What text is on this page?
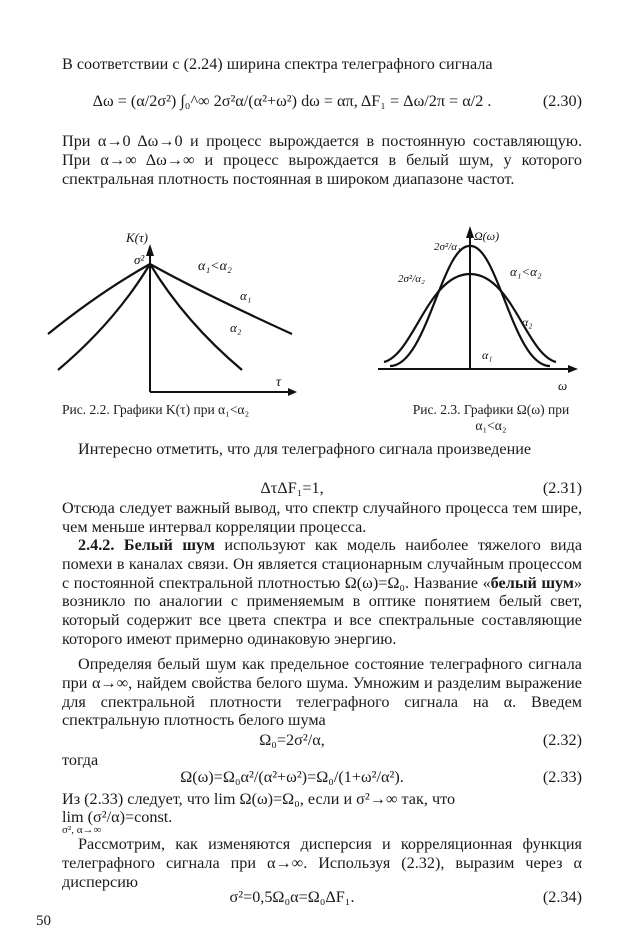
В соответствии с (2.24) ширина спектра телеграфного сигнала

Δω = (α/2σ²) ∫₀^∞ 2σ²α/(α²+ω²) dω = απ, ΔF₁ = Δω/2π = α/2 .	(2.30)

При α→0 Δω→0 и процесс вырождается в постоянную составляющую. При α→∞ Δω→∞ и процесс вырождается в белый шум, у которого спектральная плотность постоянная в широком диапазоне частот.

K(τ)
σ²	α₁<α₂
α₁
α₂
τ
Рис. 2.2. Графики K(τ) при α₁<α₂
Ω(ω)
2σ²/α₁
2σ²/α₂	α₁<α₂
α₁
α₂
ω
Рис. 2.3. Графики Ω(ω) при
α₁<α₂

Интересно отметить, что для телеграфного сигнала произведение

ΔτΔF₁=1,	(2.31)

Отсюда следует важный вывод, что спектр случайного процесса тем шире, чем меньше интервал корреляции процесса.

2.4.2. Белый шум используют как модель наиболее тяжелого вида помехи в каналах связи. Он является стационарным случайным процессом с постоянной спектральной плотностью Ω(ω)=Ω₀. Название «белый шум» возникло по аналогии с применяемым в оптике понятием белый свет, который содержит все цвета спектра и все спектральные составляющие которого имеют примерно одинаковую энергию.

Определяя белый шум как предельное состояние телеграфного сигнала при α→∞, найдем свойства белого шума. Умножим и разделим выражение для спектральной плотности телеграфного сигнала на α. Введем спектральную плотность белого шума

Ω₀=2σ²/α,	(2.32)
тогда
Ω(ω)=Ω₀α²/(α²+ω²)=Ω₀/(1+ω²/α²).	(2.33)

Из (2.33) следует, что lim Ω(ω)=Ω₀, если и σ²→∞ так, что

lim (σ²/α)=const.

σ², α→∞

Рассмотрим, как изменяются дисперсия и корреляционная функция телеграфного сигнала при α→∞. Используя (2.32), выразим через α дисперсию

σ²=0,5Ω₀α=Ω₀ΔF₁.	(2.34)
50
